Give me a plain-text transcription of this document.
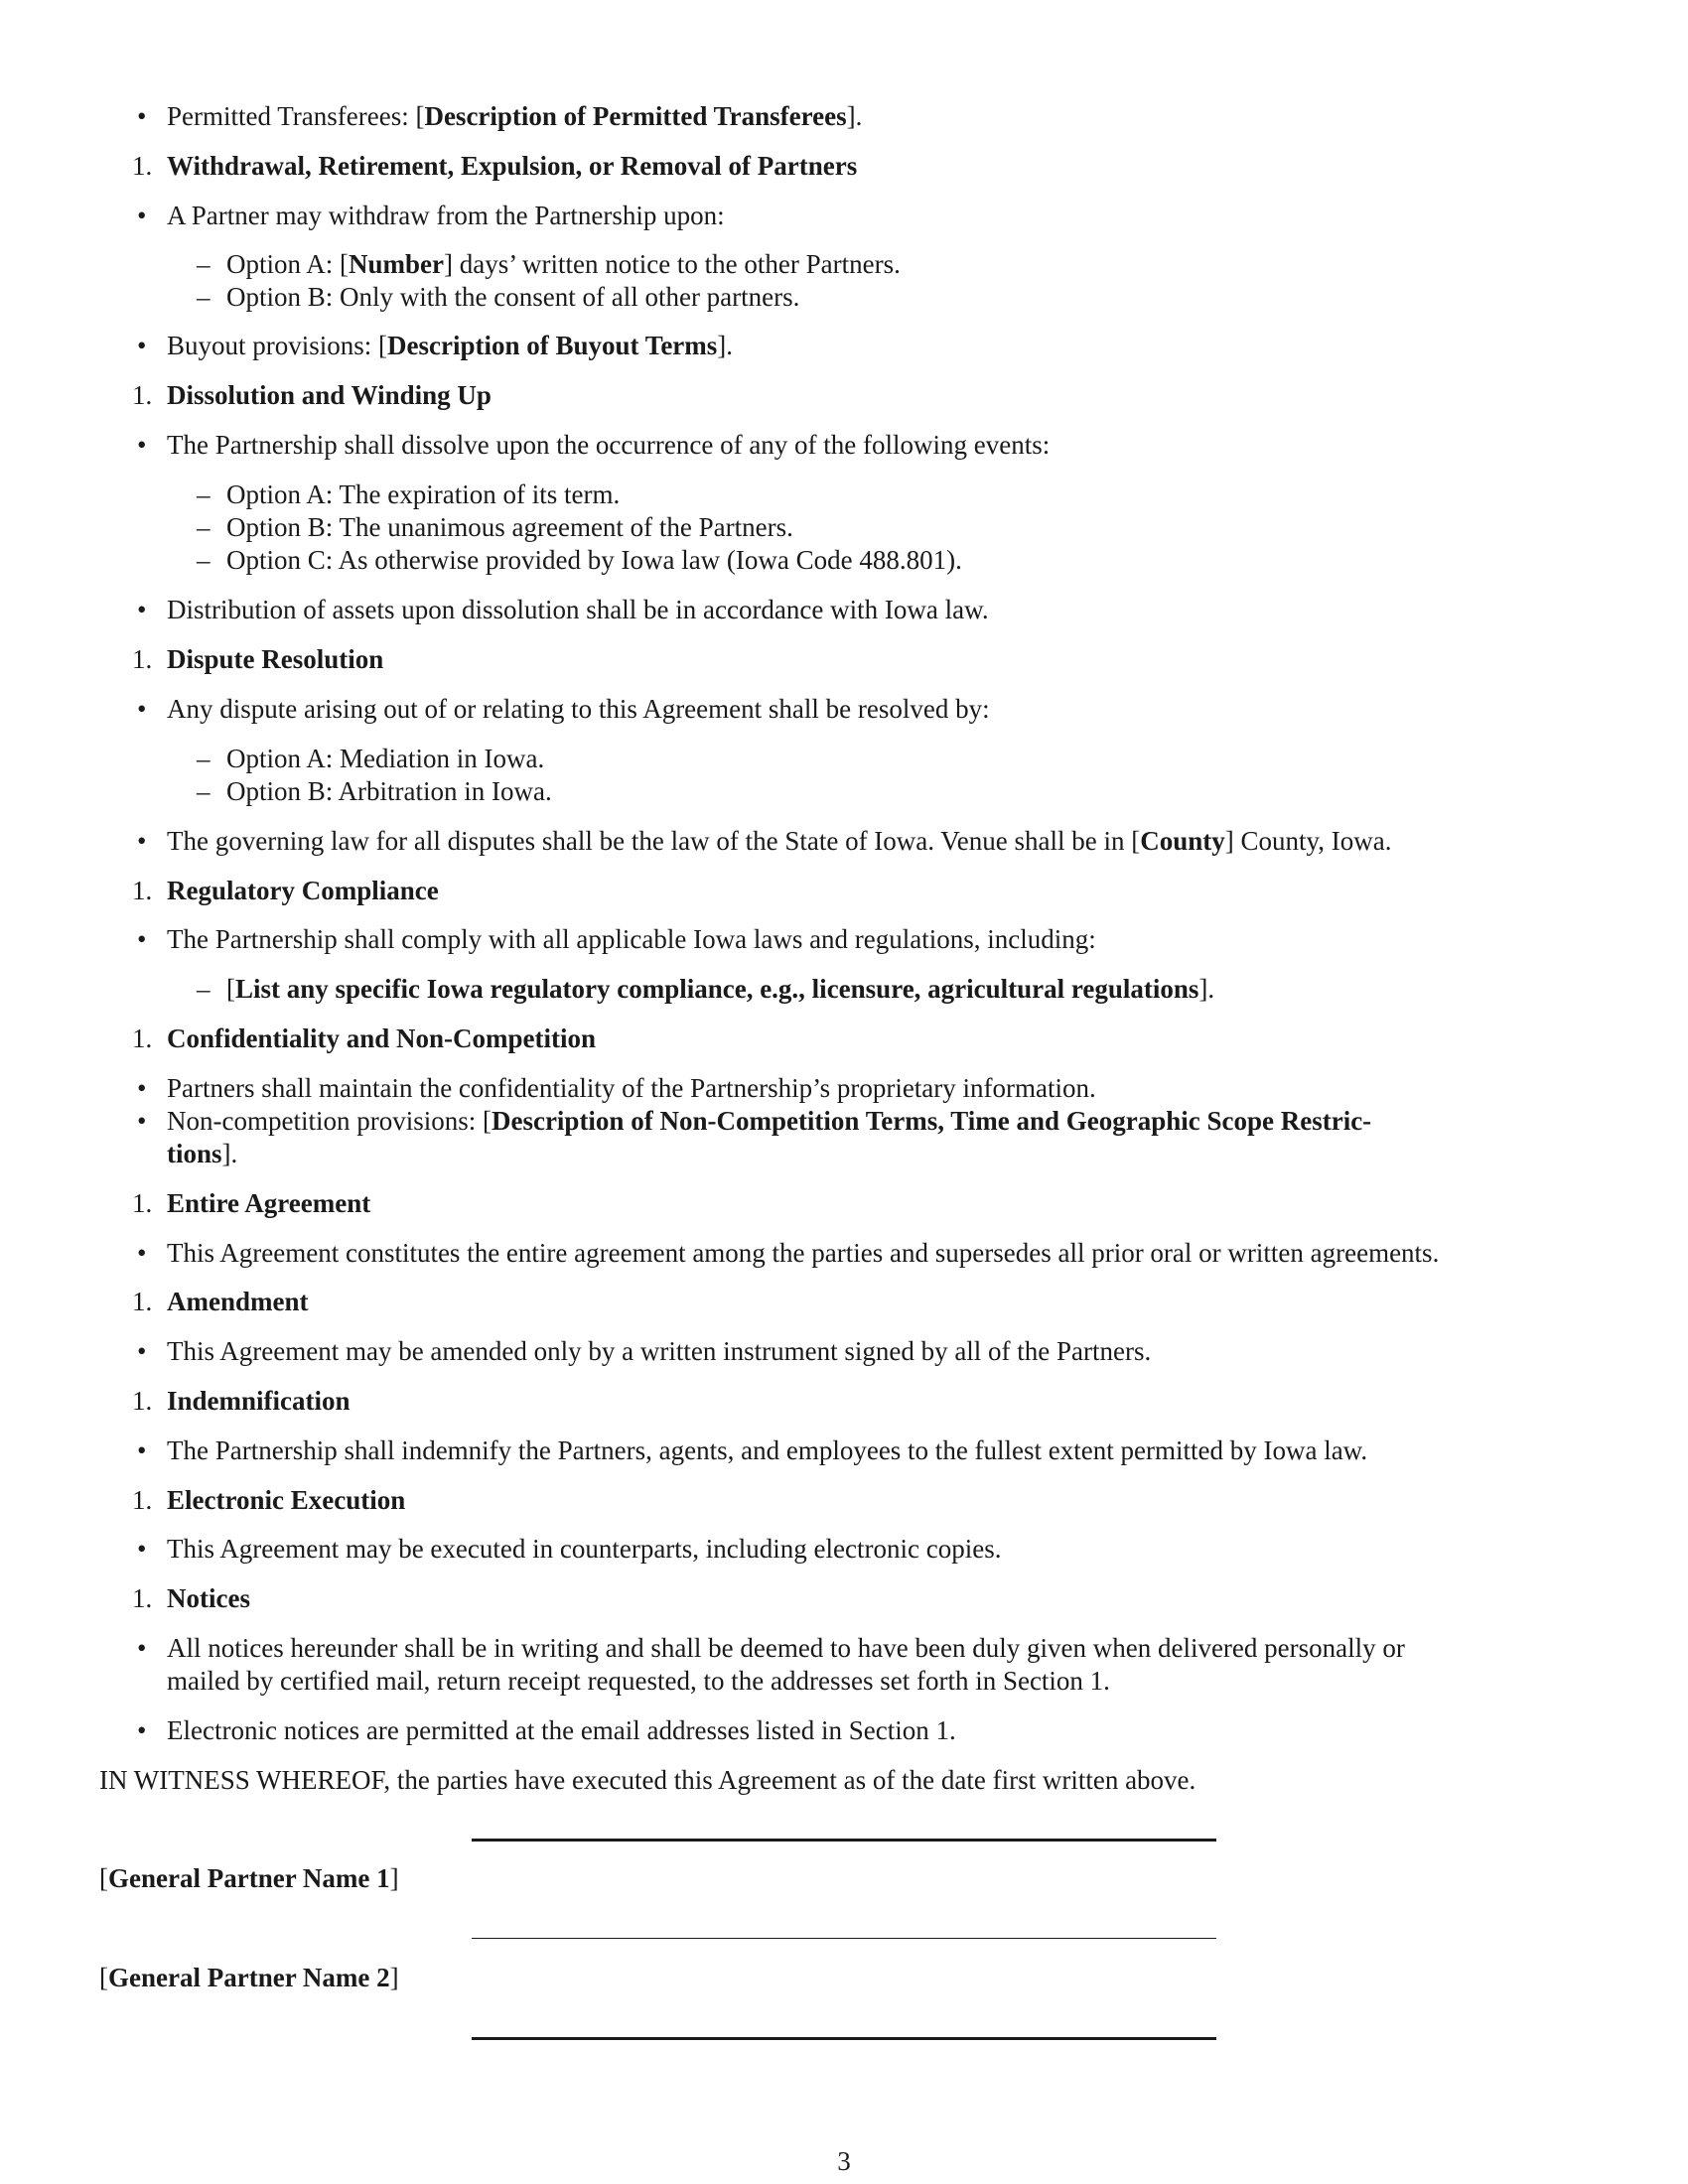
• Permitted Transferees: [Description of Permitted Transferees].
1. Withdrawal, Retirement, Expulsion, or Removal of Partners
• A Partner may withdraw from the Partnership upon:
– Option A: [Number] days’ written notice to the other Partners.
– Option B: Only with the consent of all other partners.
• Buyout provisions: [Description of Buyout Terms].
1. Dissolution and Winding Up
• The Partnership shall dissolve upon the occurrence of any of the following events:
– Option A: The expiration of its term.
– Option B: The unanimous agreement of the Partners.
– Option C: As otherwise provided by Iowa law (Iowa Code 488.801).
• Distribution of assets upon dissolution shall be in accordance with Iowa law.
1. Dispute Resolution
• Any dispute arising out of or relating to this Agreement shall be resolved by:
– Option A: Mediation in Iowa.
– Option B: Arbitration in Iowa.
• The governing law for all disputes shall be the law of the State of Iowa. Venue shall be in [County] County, Iowa.
1. Regulatory Compliance
• The Partnership shall comply with all applicable Iowa laws and regulations, including:
– [List any specific Iowa regulatory compliance, e.g., licensure, agricultural regulations].
1. Confidentiality and Non-Competition
• Partners shall maintain the confidentiality of the Partnership’s proprietary information.
• Non-competition provisions: [Description of Non-Competition Terms, Time and Geographic Scope Restric-
tions].
1. Entire Agreement
• This Agreement constitutes the entire agreement among the parties and supersedes all prior oral or written agreements.
1. Amendment
• This Agreement may be amended only by a written instrument signed by all of the Partners.
1. Indemnification
• The Partnership shall indemnify the Partners, agents, and employees to the fullest extent permitted by Iowa law.
1. Electronic Execution
• This Agreement may be executed in counterparts, including electronic copies.
1. Notices
• All notices hereunder shall be in writing and shall be deemed to have been duly given when delivered personally or
mailed by certified mail, return receipt requested, to the addresses set forth in Section 1.
• Electronic notices are permitted at the email addresses listed in Section 1.
IN WITNESS WHEREOF, the parties have executed this Agreement as of the date first written above.
[General Partner Name 1]
[General Partner Name 2]
3
